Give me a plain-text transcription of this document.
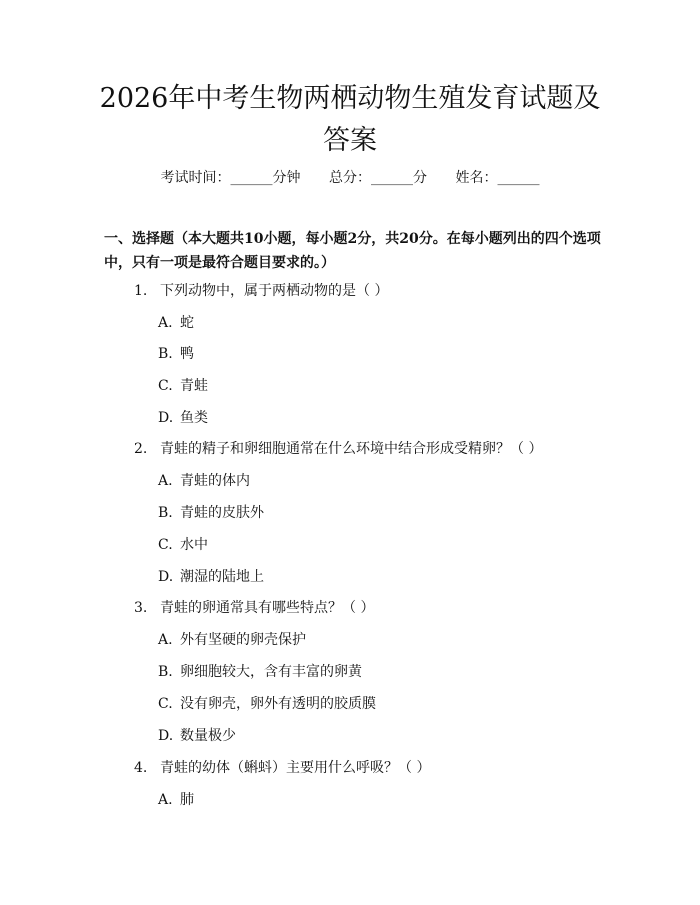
2026年中考生物两栖动物生殖发育试题及答案
考试时间：______分钟 总分：______分 姓名：______

一、选择题（本大题共10小题，每小题2分，共20分。在每小题列出的四个选项中，只有一项是最符合题目要求的。）

1. 下列动物中，属于两栖动物的是（ ）
A. 蛇
B. 鸭
C. 青蛙
D. 鱼类
2. 青蛙的精子和卵细胞通常在什么环境中结合形成受精卵？（ ）
A. 青蛙的体内
B. 青蛙的皮肤外
C. 水中
D. 潮湿的陆地上
3. 青蛙的卵通常具有哪些特点？（ ）
A. 外有坚硬的卵壳保护
B. 卵细胞较大，含有丰富的卵黄
C. 没有卵壳，卵外有透明的胶质膜
D. 数量极少
4. 青蛙的幼体（蝌蚪）主要用什么呼吸？（ ）
A. 肺
